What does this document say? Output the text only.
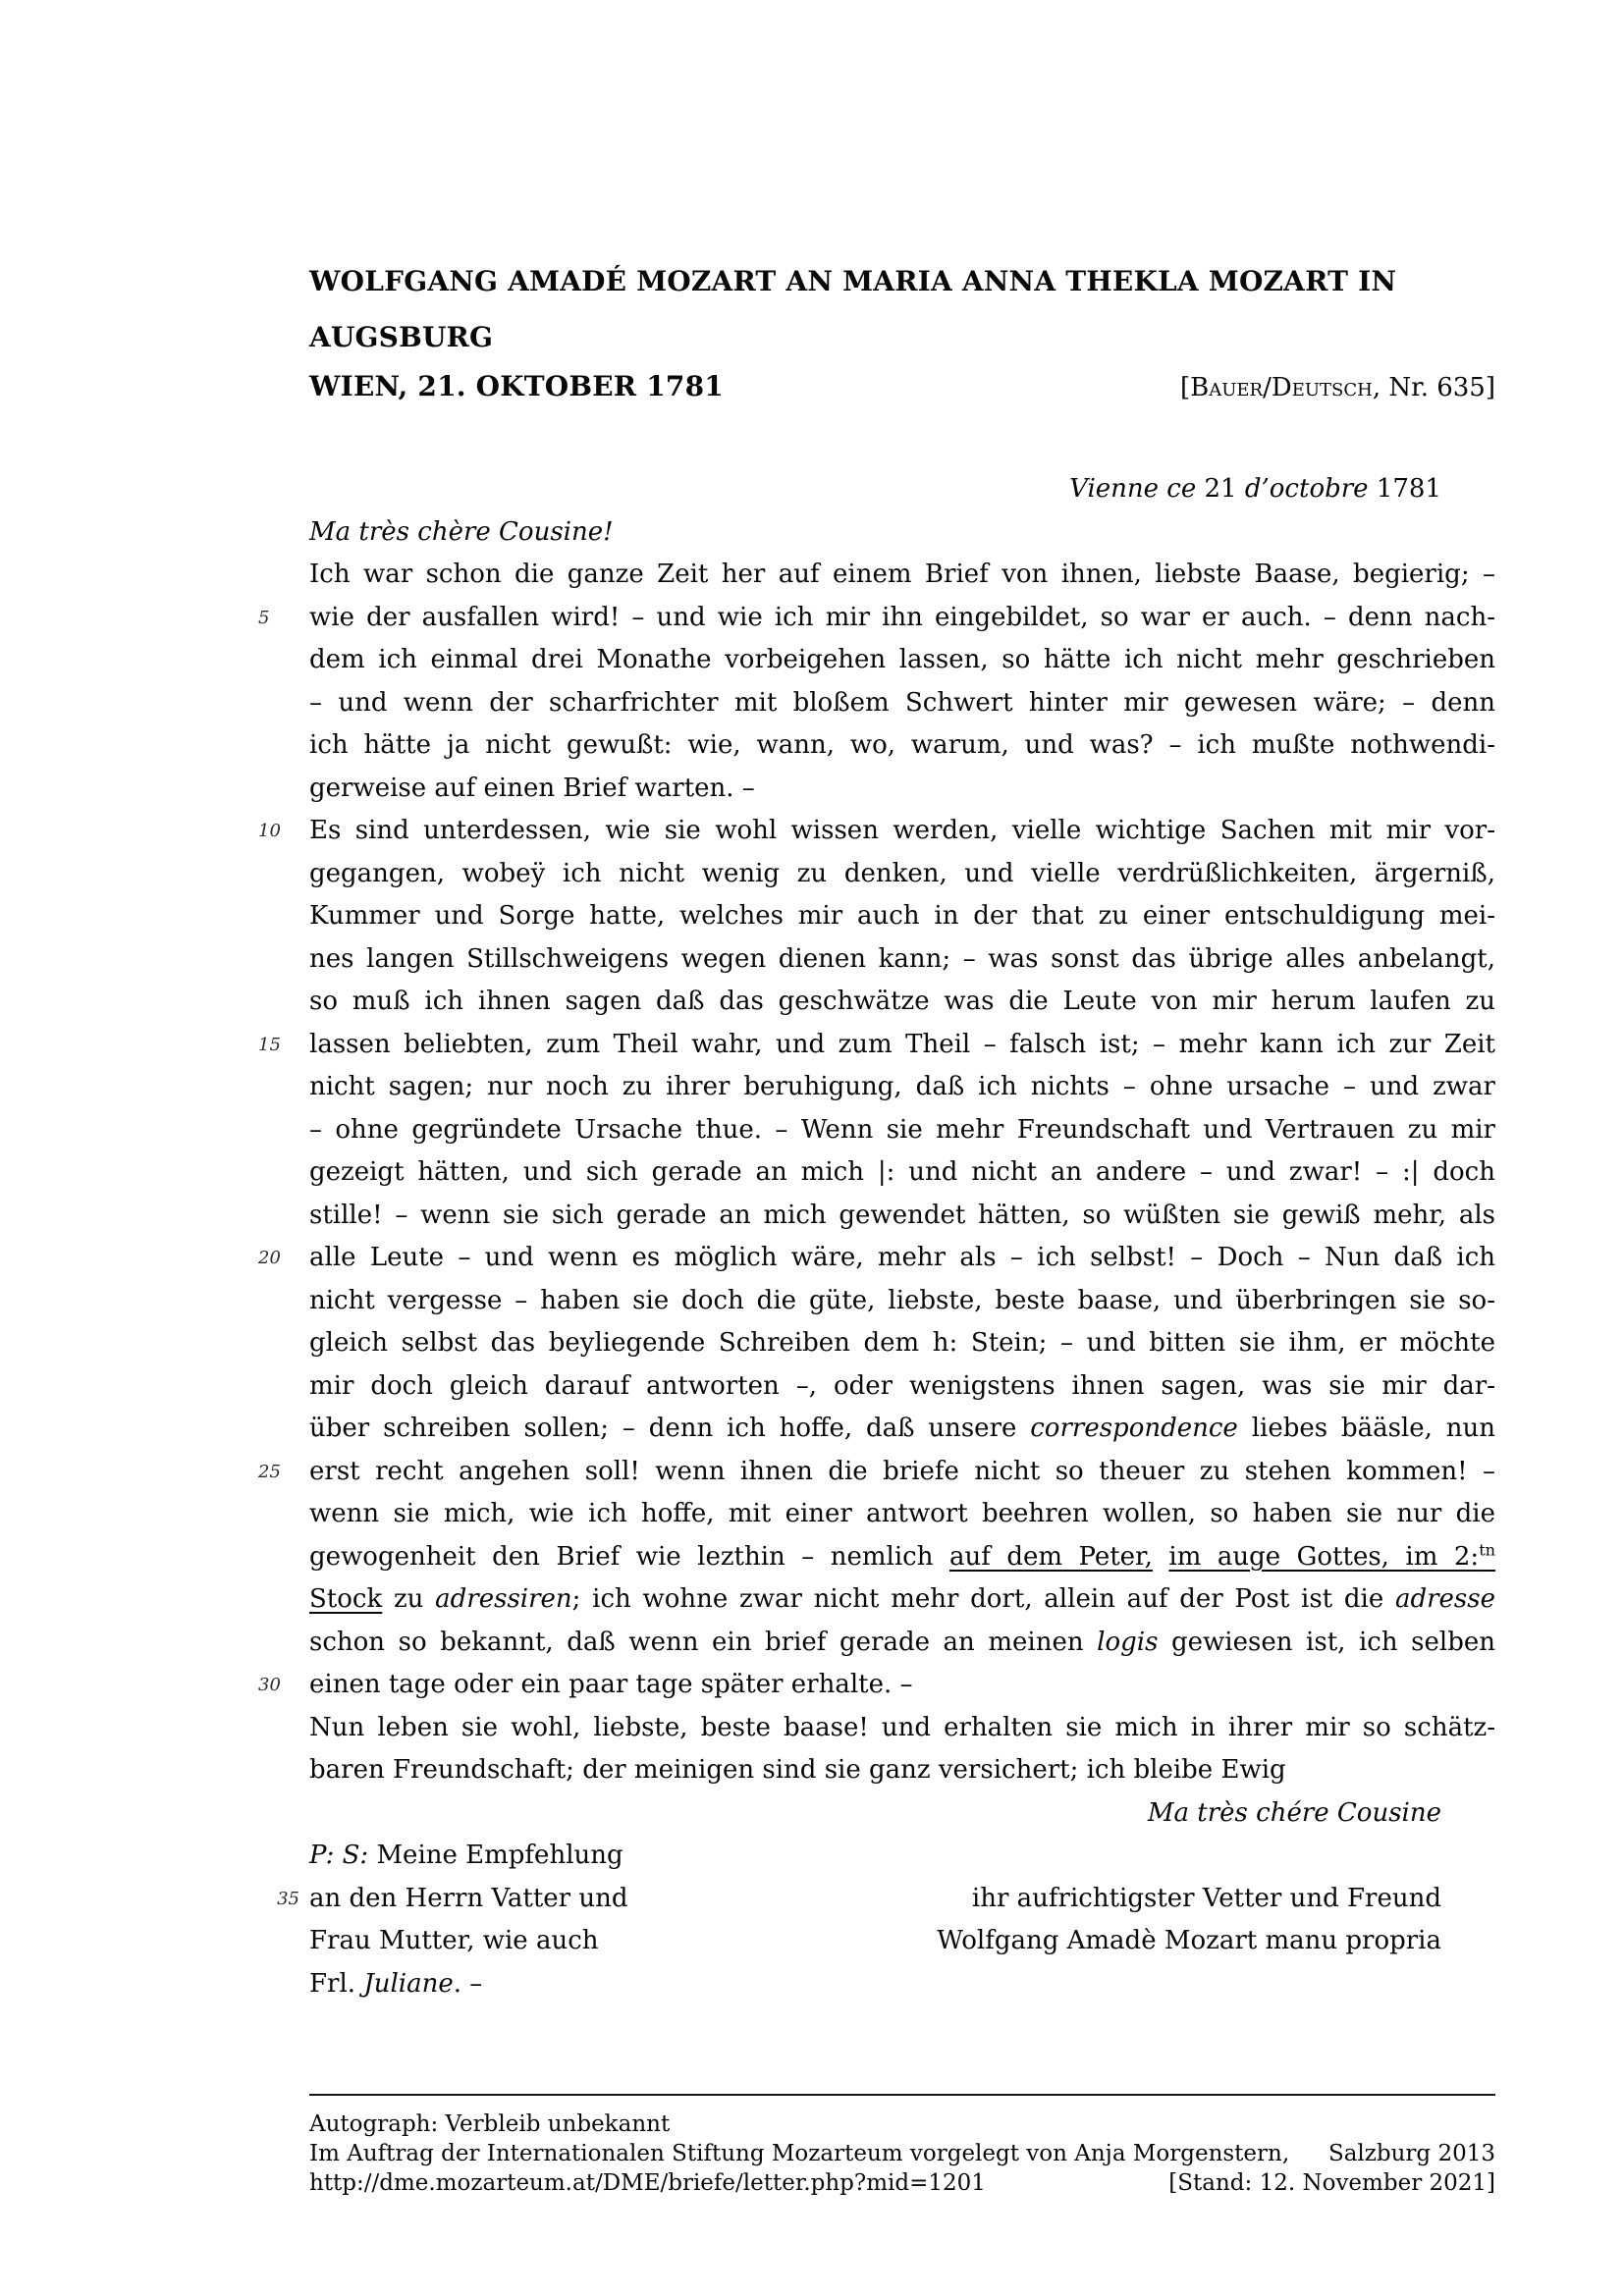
WOLFGANG AMADÉ MOZART AN MARIA ANNA THEKLA MOZART IN
AUGSBURG
WIEN, 21. OKTOBER 1781	[Bauer/Deutsch, Nr. 635]
Vienne ce 21 d’octobre 1781
Ma très chère Cousine!
Ich war schon die ganze Zeit her auf einem Brief von ihnen, liebste Baase, begierig; –
5	wie der ausfallen wird! – und wie ich mir ihn eingebildet, so war er auch. – denn nach-
dem ich einmal drei Monathe vorbeigehen lassen, so hätte ich nicht mehr geschrieben
– und wenn der scharfrichter mit bloßem Schwert hinter mir gewesen wäre; – denn
ich hätte ja nicht gewußt: wie, wann, wo, warum, und was? – ich mußte nothwendi-
gerweise auf einen Brief warten. –
10	Es sind unterdessen, wie sie wohl wissen werden, vielle wichtige Sachen mit mir vor-
gegangen, wobeÿ ich nicht wenig zu denken, und vielle verdrüßlichkeiten, ärgerniß,
Kummer und Sorge hatte, welches mir auch in der that zu einer entschuldigung mei-
nes langen Stillschweigens wegen dienen kann; – was sonst das übrige alles anbelangt,
so muß ich ihnen sagen daß das geschwätze was die Leute von mir herum laufen zu
15	lassen beliebten, zum Theil wahr, und zum Theil – falsch ist; – mehr kann ich zur Zeit
nicht sagen; nur noch zu ihrer beruhigung, daß ich nichts – ohne ursache – und zwar
– ohne gegründete Ursache thue. – Wenn sie mehr Freundschaft und Vertrauen zu mir
gezeigt hätten, und sich gerade an mich |: und nicht an andere – und zwar! – :| doch
stille! – wenn sie sich gerade an mich gewendet hätten, so wüßten sie gewiß mehr, als
20	alle Leute – und wenn es möglich wäre, mehr als – ich selbst! – Doch – Nun daß ich
nicht vergesse – haben sie doch die güte, liebste, beste baase, und überbringen sie so-
gleich selbst das beyliegende Schreiben dem h: Stein; – und bitten sie ihm, er möchte
mir doch gleich darauf antworten –, oder wenigstens ihnen sagen, was sie mir dar-
über schreiben sollen; – denn ich hoffe, daß unsere correspondence liebes bääsle, nun
25	erst recht angehen soll! wenn ihnen die briefe nicht so theuer zu stehen kommen! –
wenn sie mich, wie ich hoffe, mit einer antwort beehren wollen, so haben sie nur die
gewogenheit den Brief wie lezthin – nemlich auf dem Peter, im auge Gottes, im 2:$^{tn}$
Stock zu adressiren; ich wohne zwar nicht mehr dort, allein auf der Post ist die adresse
schon so bekannt, daß wenn ein brief gerade an meinen logis gewiesen ist, ich selben
30	einen tage oder ein paar tage später erhalte. –
Nun leben sie wohl, liebste, beste baase! und erhalten sie mich in ihrer mir so schätz-
baren Freundschaft; der meinigen sind sie ganz versichert; ich bleibe Ewig
Ma très chére Cousine
P: S: Meine Empfehlung
35 an den Herrn Vatter und	ihr aufrichtigster Vetter und Freund
Frau Mutter, wie auch	Wolfgang Amadè Mozart manu propria
Frl. Juliane. –
Autograph: Verbleib unbekannt
Im Auftrag der Internationalen Stiftung Mozarteum vorgelegt von Anja Morgenstern, Salzburg 2013
http://dme.mozarteum.at/DME/briefe/letter.php?mid=1201	[Stand: 12. November 2021]
